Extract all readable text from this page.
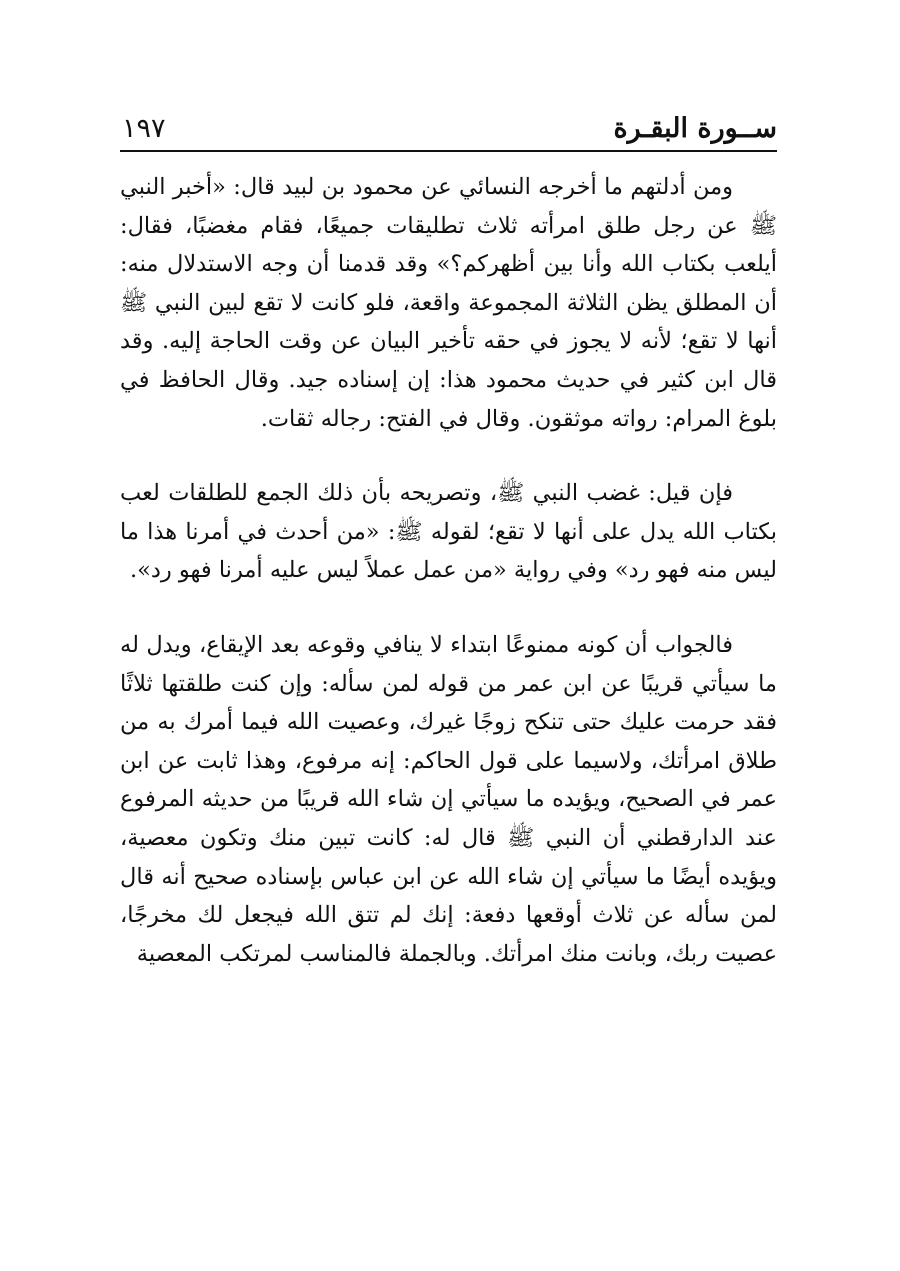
ســورة البقـرة
١٩٧

ومن أدلتهم ما أخرجه النسائي عن محمود بن لبيد قال: «أخبر النبي ﷺ عن رجل طلق امرأته ثلاث تطليقات جميعًا، فقام مغضبًا، فقال: أيلعب بكتاب الله وأنا بين أظهركم؟» وقد قدمنا أن وجه الاستدلال منه: أن المطلق يظن الثلاثة المجموعة واقعة، فلو كانت لا تقع لبين النبي ﷺ أنها لا تقع؛ لأنه لا يجوز في حقه تأخير البيان عن وقت الحاجة إليه. وقد قال ابن كثير في حديث محمود هذا: إن إسناده جيد. وقال الحافظ في بلوغ المرام: رواته موثقون. وقال في الفتح: رجاله ثقات.

فإن قيل: غضب النبي ﷺ، وتصريحه بأن ذلك الجمع للطلقات لعب بكتاب الله يدل على أنها لا تقع؛ لقوله ﷺ: «من أحدث في أمرنا هذا ما ليس منه فهو رد» وفي رواية «من عمل عملاً ليس عليه أمرنا فهو رد».

فالجواب أن كونه ممنوعًا ابتداء لا ينافي وقوعه بعد الإيقاع، ويدل له ما سيأتي قريبًا عن ابن عمر من قوله لمن سأله: وإن كنت طلقتها ثلاثًا فقد حرمت عليك حتى تنكح زوجًا غيرك، وعصيت الله فيما أمرك به من طلاق امرأتك، ولاسيما على قول الحاكم: إنه مرفوع، وهذا ثابت عن ابن عمر في الصحيح، ويؤيده ما سيأتي إن شاء الله قريبًا من حديثه المرفوع عند الدارقطني أن النبي ﷺ قال له: كانت تبين منك وتكون معصية، ويؤيده أيضًا ما سيأتي إن شاء الله عن ابن عباس بإسناده صحيح أنه قال لمن سأله عن ثلاث أوقعها دفعة: إنك لم تتق الله فيجعل لك مخرجًا، عصيت ربك، وبانت منك امرأتك. وبالجملة فالمناسب لمرتكب المعصية
